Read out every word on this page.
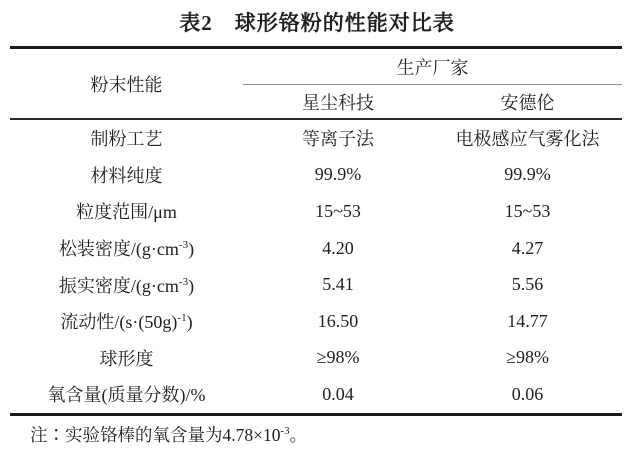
表2　球形铬粉的性能对比表
粉末性能	生产厂家	
	星尘科技	安德伦
制粉工艺	等离子法	电极感应气雾化法
材料纯度	99.9%	99.9%
粒度范围/μm	15~53	15~53
松装密度$/(g\cdot cm^{-3})$	4.20	4.27
振实密度$/(g\cdot cm^{-3})$	5.41	5.56
流动性$/(s\cdot(50g)^{-1})$	16.50	14.77
球形度	≥98%	≥98%
氧含量(质量分数)/%	0.04	0.06

注∶实验铬棒的氧含量为$4.78\times 10^{-3}$。
